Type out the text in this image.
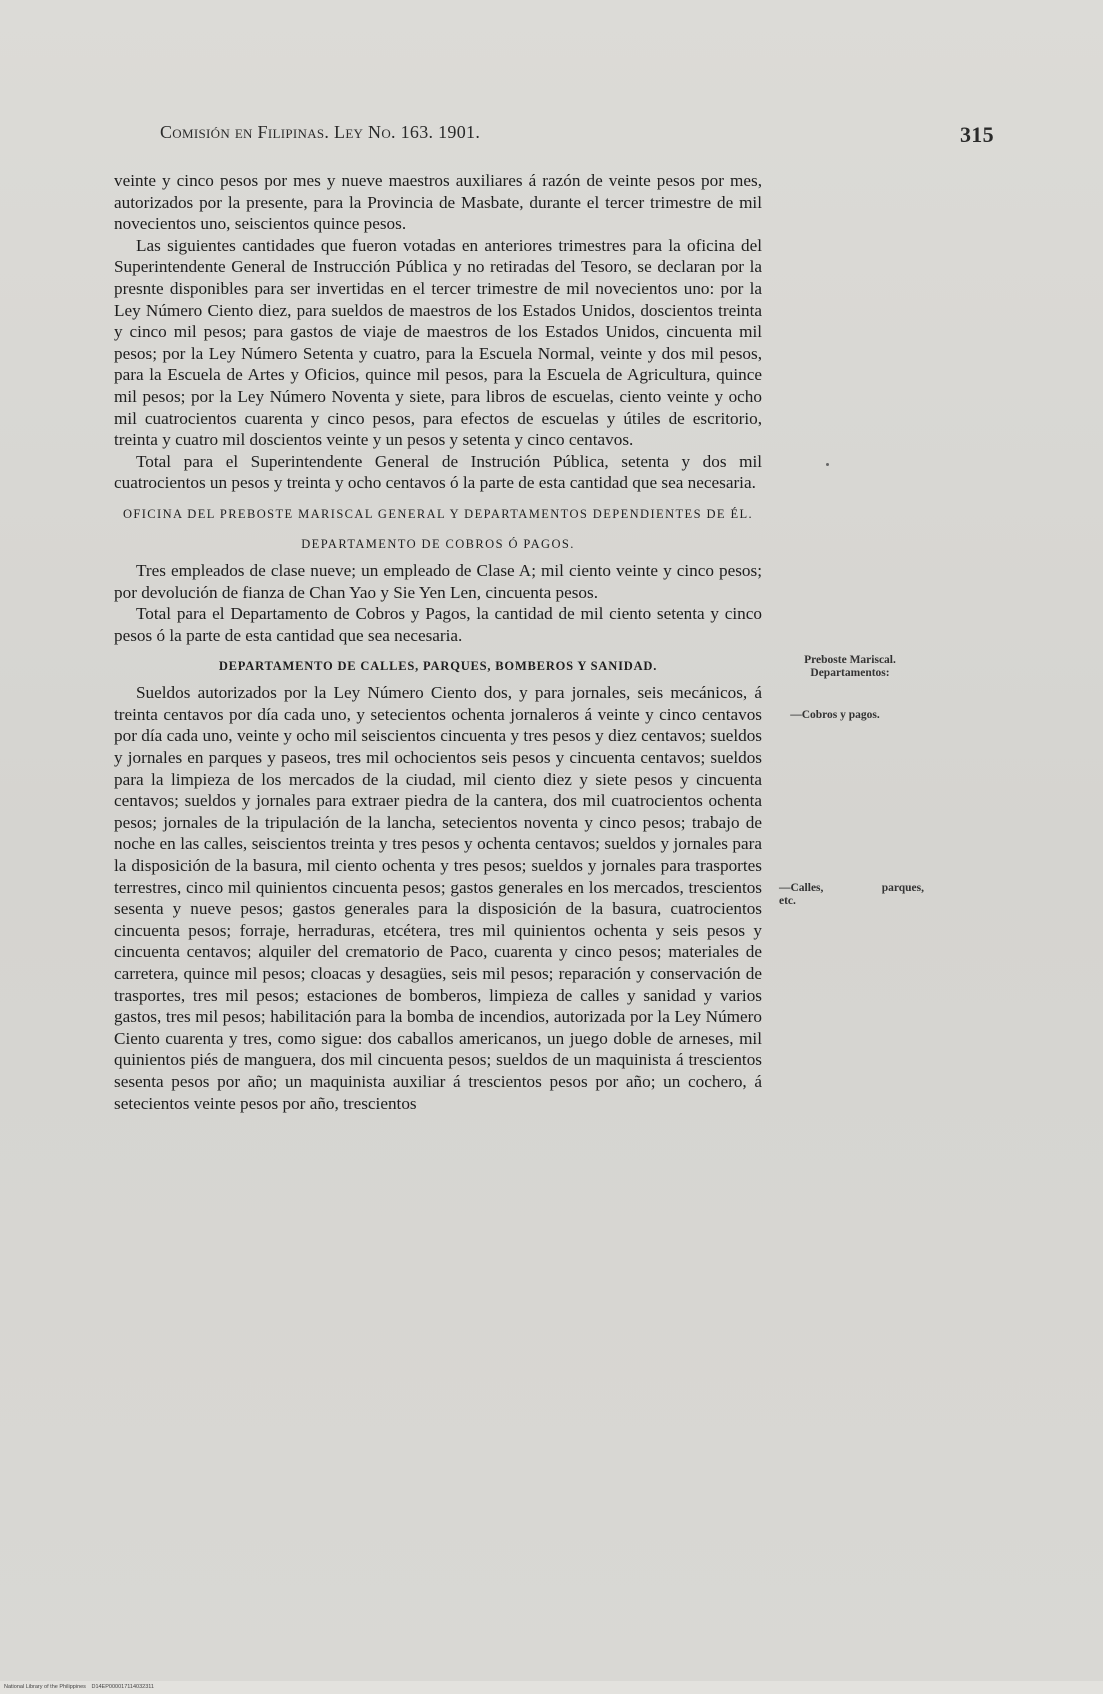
Comisión en Filipinas. Ley No. 163. 1901.	315

veinte y cinco pesos por mes y nueve maestros auxiliares á razón de veinte pesos por mes, autorizados por la presente, para la Provincia de Masbate, durante el tercer trimestre de mil novecientos uno, seiscientos quince pesos.

Las siguientes cantidades que fueron votadas en anteriores trimestres para la oficina del Superintendente General de Instrucción Pública y no retiradas del Tesoro, se declaran por la presnte disponibles para ser invertidas en el tercer trimestre de mil novecientos uno: por la Ley Número Ciento diez, para sueldos de maestros de los Estados Unidos, doscientos treinta y cinco mil pesos; para gastos de viaje de maestros de los Estados Unidos, cincuenta mil pesos; por la Ley Número Setenta y cuatro, para la Escuela Normal, veinte y dos mil pesos, para la Escuela de Artes y Oficios, quince mil pesos, para la Escuela de Agricultura, quince mil pesos; por la Ley Número Noventa y siete, para libros de escuelas, ciento veinte y ocho mil cuatrocientos cuarenta y cinco pesos, para efectos de escuelas y útiles de escritorio, treinta y cuatro mil doscientos veinte y un pesos y setenta y cinco centavos.

Total para el Superintendente General de Instrución Pública, setenta y dos mil cuatrocientos un pesos y treinta y ocho centavos ó la parte de esta cantidad que sea necesaria.

OFICINA DEL PREBOSTE MARISCAL GENERAL Y DEPARTAMENTOS DEPENDIENTES DE ÉL.
DEPARTAMENTO DE COBROS Ó PAGOS.

Tres empleados de clase nueve; un empleado de Clase A; mil ciento veinte y cinco pesos; por devolución de fianza de Chan Yao y Sie Yen Len, cincuenta pesos.

Total para el Departamento de Cobros y Pagos, la cantidad de mil ciento setenta y cinco pesos ó la parte de esta cantidad que sea necesaria.

DEPARTAMENTO DE CALLES, PARQUES, BOMBEROS Y SANIDAD.

Sueldos autorizados por la Ley Número Ciento dos, y para jornales, seis mecánicos, á treinta centavos por día cada uno, y setecientos ochenta jornaleros á veinte y cinco centavos por día cada uno, veinte y ocho mil seiscientos cincuenta y tres pesos y diez centavos; sueldos y jornales en parques y paseos, tres mil ochocientos seis pesos y cincuenta centavos; sueldos para la limpieza de los mercados de la ciudad, mil ciento diez y siete pesos y cincuenta centavos; sueldos y jornales para extraer piedra de la cantera, dos mil cuatrocientos ochenta pesos; jornales de la tripulación de la lancha, setecientos noventa y cinco pesos; trabajo de noche en las calles, seiscientos treinta y tres pesos y ochenta centavos; sueldos y jornales para la disposición de la basura, mil ciento ochenta y tres pesos; sueldos y jornales para trasportes terrestres, cinco mil quinientos cincuenta pesos; gastos generales en los mercados, trescientos sesenta y nueve pesos; gastos generales para la disposición de la basura, cuatrocientos cincuenta pesos; forraje, herraduras, etcétera, tres mil quinientos ochenta y seis pesos y cincuenta centavos; alquiler del crematorio de Paco, cuarenta y cinco pesos; materiales de carretera, quince mil pesos; cloacas y desagües, seis mil pesos; reparación y conservación de trasportes, tres mil pesos; estaciones de bomberos, limpieza de calles y sanidad y varios gastos, tres mil pesos; habilitación para la bomba de incendios, autorizada por la Ley Número Ciento cuarenta y tres, como sigue: dos caballos americanos, un juego doble de arneses, mil quinientos piés de manguera, dos mil cincuenta pesos; sueldos de un maquinista á trescientos sesenta pesos por año; un maquinista auxiliar á trescientos pesos por año; un cochero, á setecientos veinte pesos por año, trescientos

Preboste Mariscal.
Departamentos:
—Cobros y pagos.
—Calles,	parques,
etc.
National Library of the Philippines D14EP000017114032311
